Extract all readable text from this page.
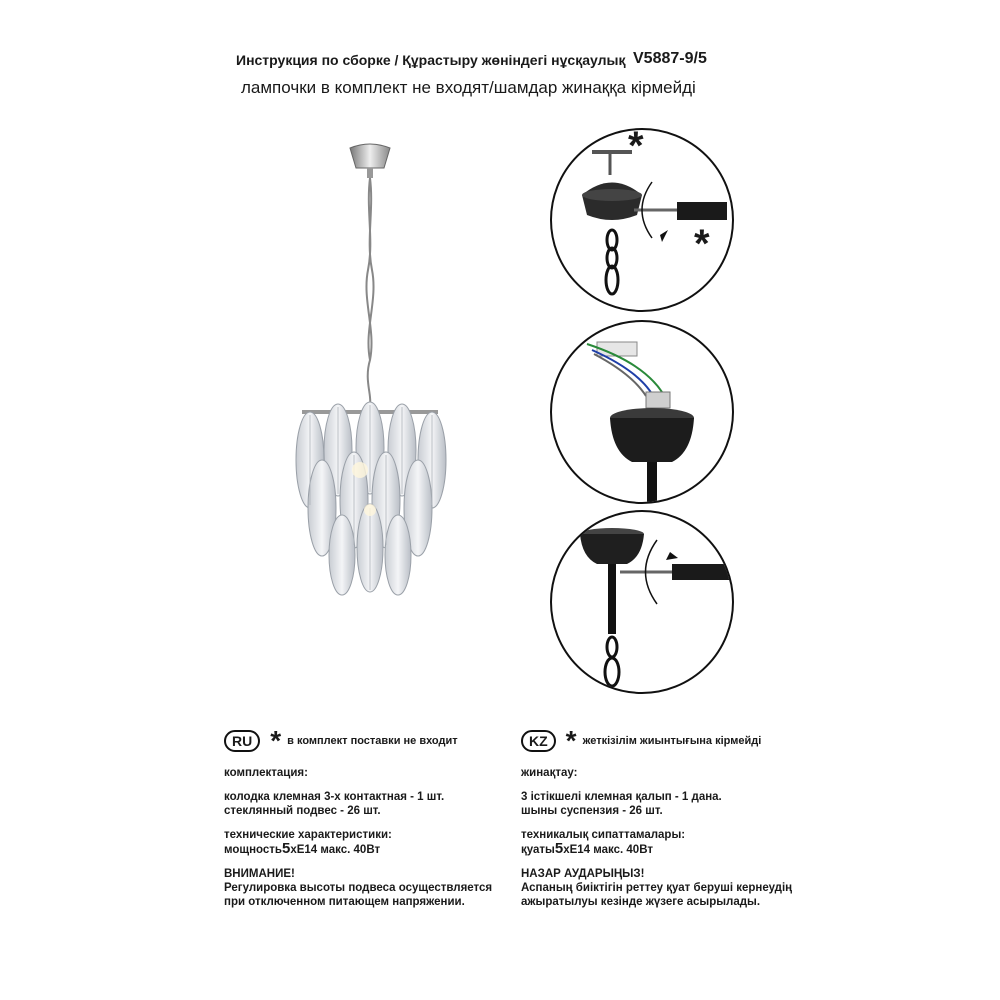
Инструкция по сборке / Құрастыру жөніндегі нұсқаулық V5887-9/5
лампочки в комплект не входят/шамдар жинаққа кірмейді
*
*

RU * в комплект поставки не входит

комплектация:

колодка клемная 3-х контактная - 1 шт.

стеклянный подвес - 26 шт.

технические характеристики:

мощность5хЕ14 макс. 40Вт

ВНИМАНИЕ!

Регулировка высоты подвеса осуществляется

при отключенном питающем напряжении.

KZ * жеткізілім жиынтығына кірмейді

жинақтау:

3 істікшелі клемная қалып - 1 дана.

шыны суспензия - 26 шт.

техникалық сипаттамалары:

қуаты5хЕ14 макс. 40Вт

НАЗАР АУДАРЫҢЫЗ!

Аспаның биіктігін реттеу қуат беруші кернеудің

ажыратылуы кезінде жүзеге асырылады.
